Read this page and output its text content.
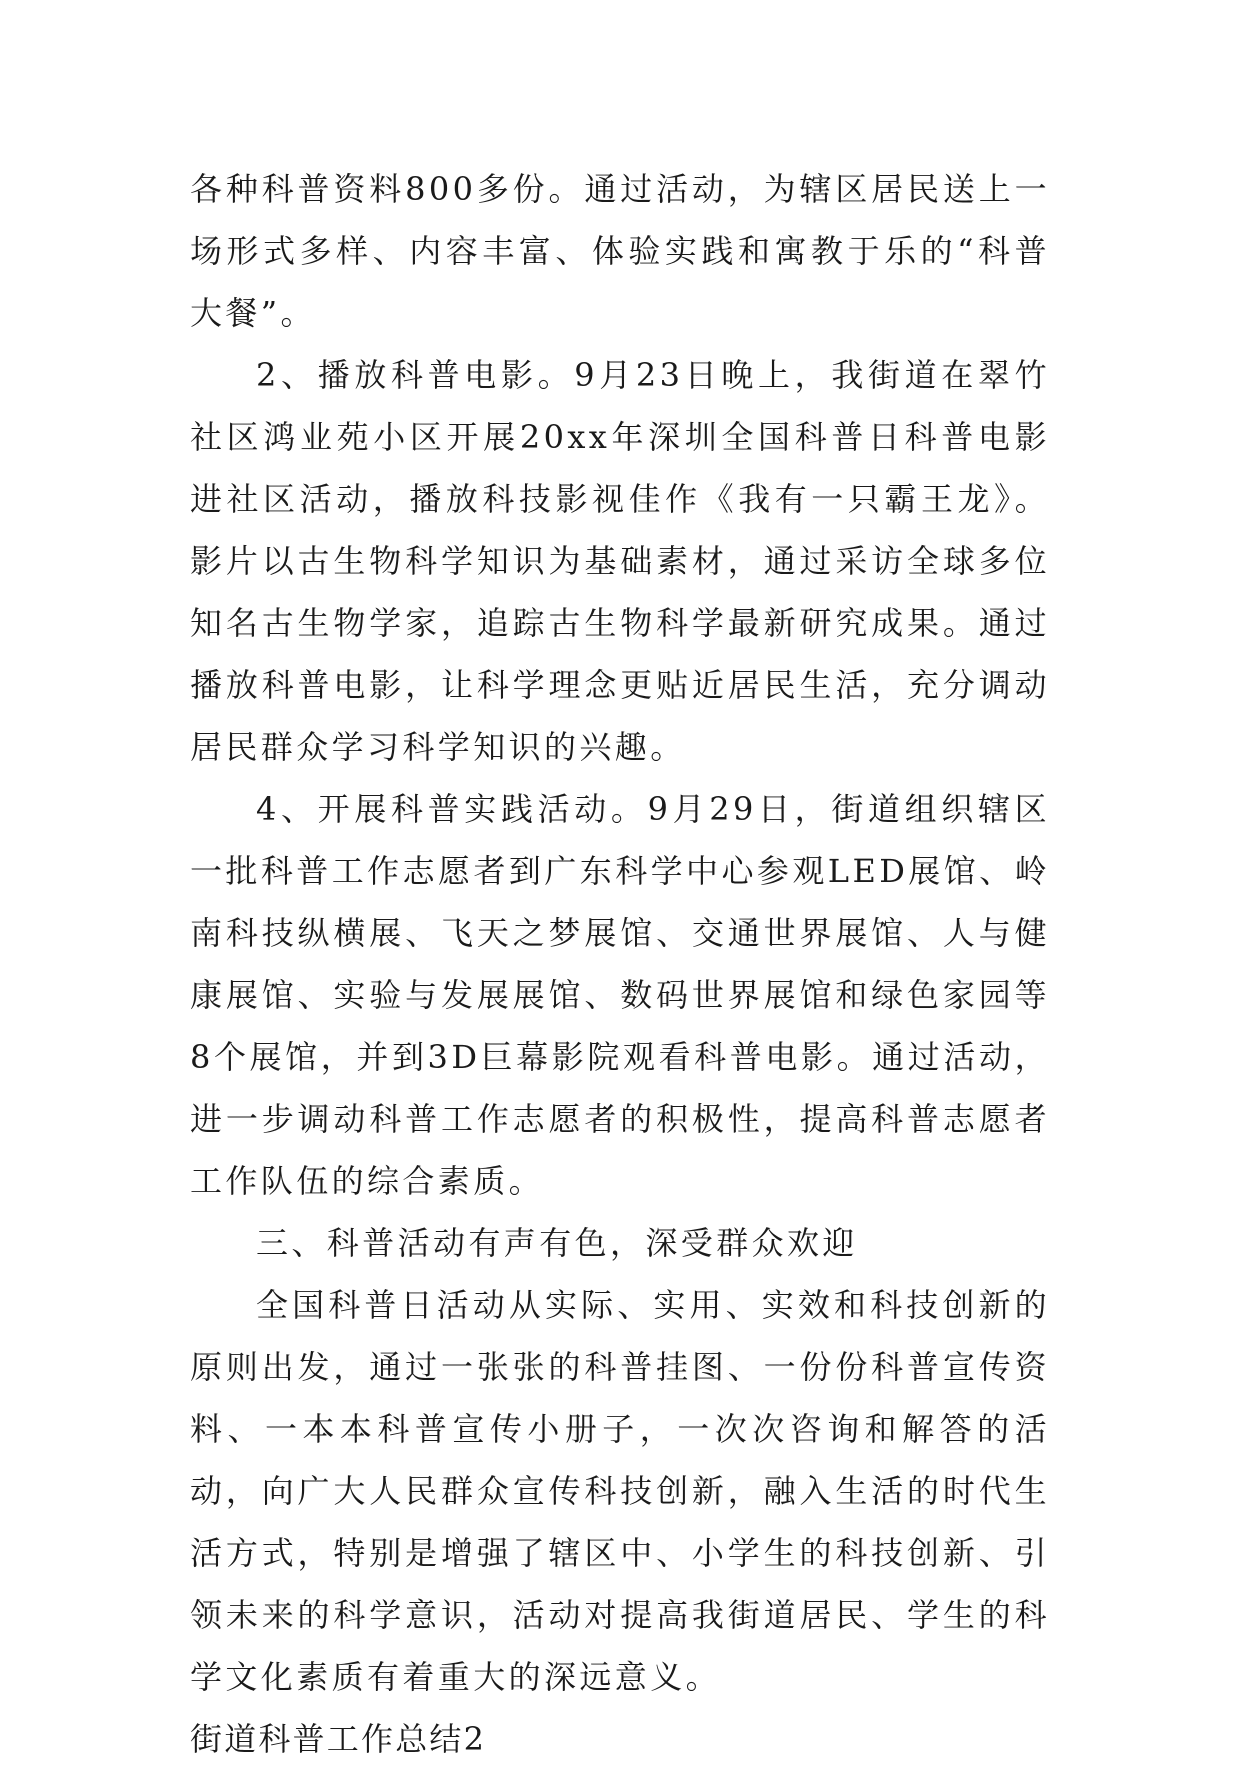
各种科普资料800多份。通过活动，为辖区居民送上一场形式多样、内容丰富、体验实践和寓教于乐的“科普大餐”。

2、播放科普电影。9月23日晚上，我街道在翠竹社区鸿业苑小区开展20xx年深圳全国科普日科普电影进社区活动，播放科技影视佳作《我有一只霸王龙》。影片以古生物科学知识为基础素材，通过采访全球多位知名古生物学家，追踪古生物科学最新研究成果。通过播放科普电影，让科学理念更贴近居民生活，充分调动居民群众学习科学知识的兴趣。

4、开展科普实践活动。9月29日，街道组织辖区一批科普工作志愿者到广东科学中心参观LED展馆、岭南科技纵横展、飞天之梦展馆、交通世界展馆、人与健康展馆、实验与发展展馆、数码世界展馆和绿色家园等8个展馆，并到3D巨幕影院观看科普电影。通过活动，进一步调动科普工作志愿者的积极性，提高科普志愿者工作队伍的综合素质。

三、科普活动有声有色，深受群众欢迎

全国科普日活动从实际、实用、实效和科技创新的原则出发，通过一张张的科普挂图、一份份科普宣传资料、一本本科普宣传小册子，一次次咨询和解答的活动，向广大人民群众宣传科技创新，融入生活的时代生活方式，特别是增强了辖区中、小学生的科技创新、引领未来的科学意识，活动对提高我街道居民、学生的科学文化素质有着重大的深远意义。

街道科普工作总结2
